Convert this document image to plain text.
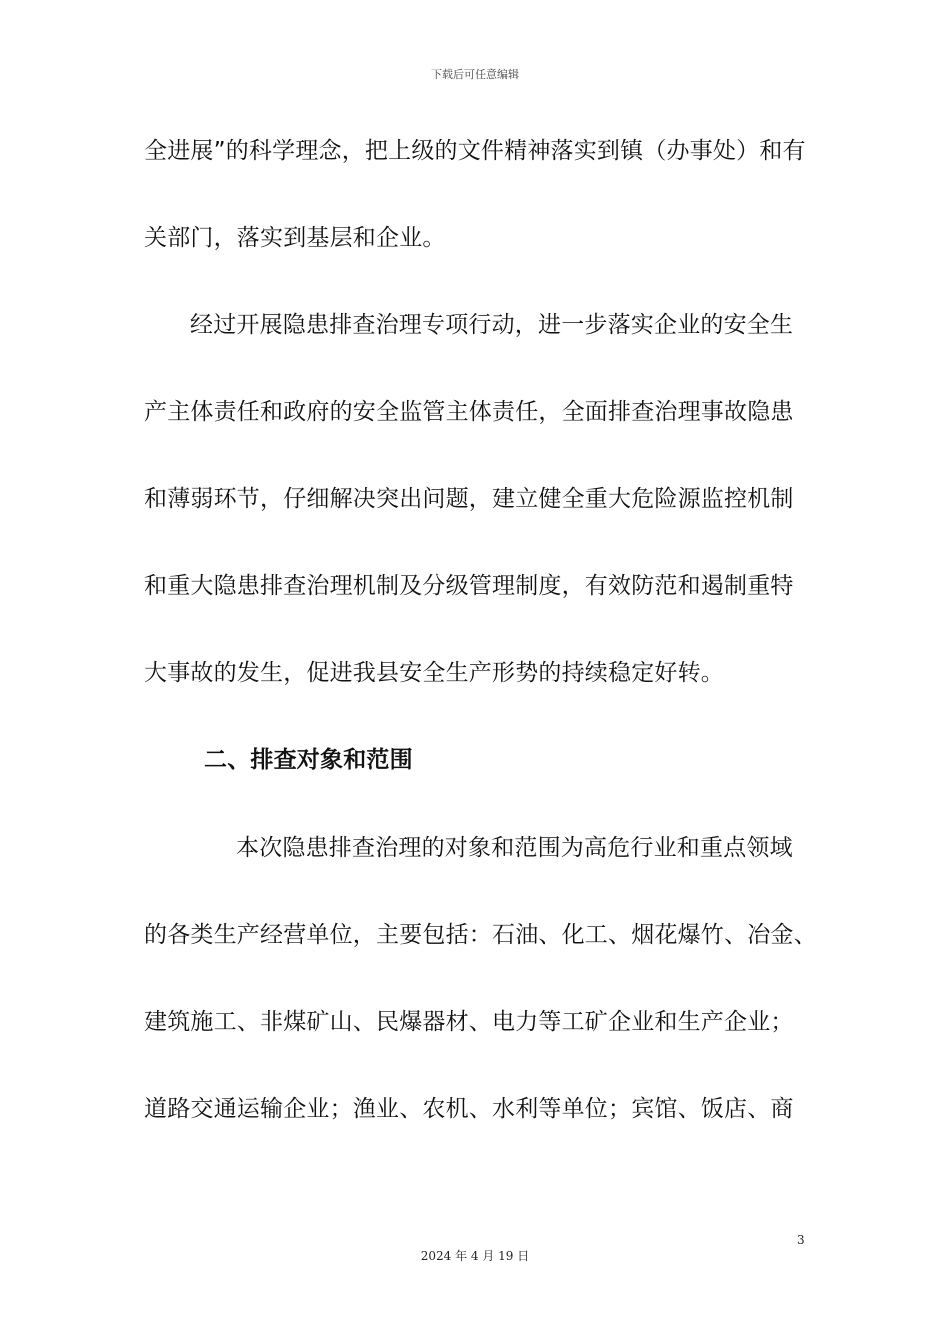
下载后可任意编辑
全进展”的科学理念，把上级的文件精神落实到镇（办事处）和有
关部门，落实到基层和企业。
经过开展隐患排查治理专项行动，进一步落实企业的安全生
产主体责任和政府的安全监管主体责任，全面排查治理事故隐患
和薄弱环节，仔细解决突出问题，建立健全重大危险源监控机制
和重大隐患排查治理机制及分级管理制度，有效防范和遏制重特
大事故的发生，促进我县安全生产形势的持续稳定好转。
二、排查对象和范围
本次隐患排查治理的对象和范围为高危行业和重点领域
的各类生产经营单位，主要包括：石油、化工、烟花爆竹、冶金、
建筑施工、非煤矿山、民爆器材、电力等工矿企业和生产企业；
道路交通运输企业；渔业、农机、水利等单位；宾馆、饭店、商
3
2024 年 4 月 19 日
